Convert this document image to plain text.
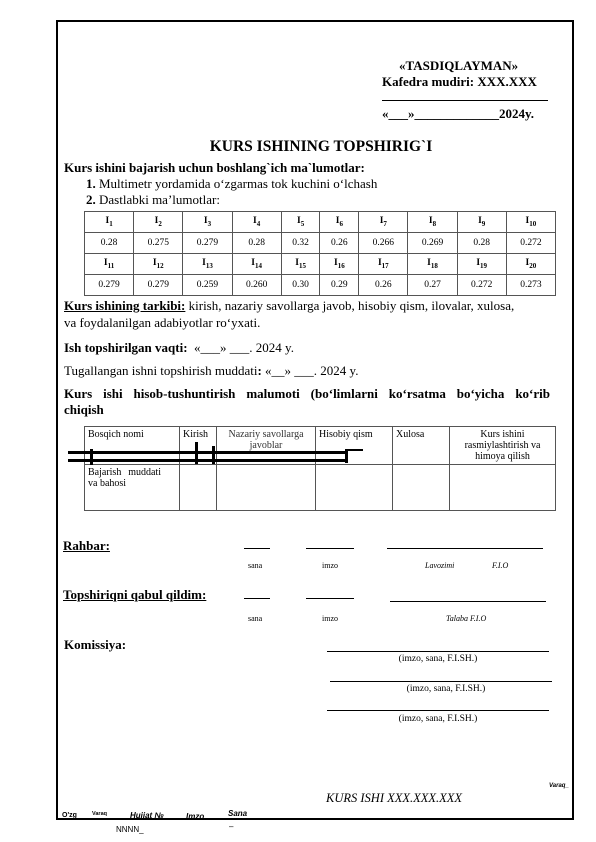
«TASDIQLAYMAN»
Kafedra mudiri: XXX.XXX
«___»_____________2024y.
KURS ISHINING TOPSHIRIG`I
Kurs ishini bajarish uchun boshlang`ich ma`lumotlar:
1. Multimetr yordamida o‘zgarmas tok kuchini o‘lchash
2. Dastlabki ma’lumotlar:
$I_1$	$I_2$	$I_3$	$I_4$	$I_5$	$I_6$	$I_7$	$I_8$	$I_9$	$I_{10}$
0.28	0.275	0.279	0.28	0.32	0.26	0.266	0.269	0.28	0.272
$I_{11}$	$I_{12}$	$I_{13}$	$I_{14}$	$I_{15}$	$I_{16}$	$I_{17}$	$I_{18}$	$I_{19}$	$I_{20}$
0.279	0.279	0.259	0.260	0.30	0.29	0.26	0.27	0.272	0.273
Kurs ishining tarkibi: kirish, nazariy savollarga javob, hisobiy qism, ilovalar, xulosa,
va foydalanilgan adabiyotlar ro‘yxati.
Ish topshirilgan vaqti: «___» ___. 2024 y.
Tugallangan ishni topshirish muddati: «__» ___. 2024 y.
Kurs ishi hisob-tushuntirish malumoti (bo‘limlarni ko‘rsatma bo‘yicha ko‘rib
chiqish
Bosqich nomi	Kirish	Nazariy savollarga javoblar	Hisobiy qism	Xulosa	Kurs ishini rasmiylashtirish va himoya qilish
Bajarish muddati va bahosi					
Rahbar:
sana	imzo	Lavozimi	F.I.O
Topshiriqni qabul qildim:
sana	imzo	Talaba F.I.O
Komissiya:
(imzo, sana, F.I.SH.)
(imzo, sana, F.I.SH.)
(imzo, sana, F.I.SH.)
Varaq_
KURS ISHI XXX.XXX.XXX
O'zg	Varaq	Hujjat №	Imzo	Sana
NNNN_	–
